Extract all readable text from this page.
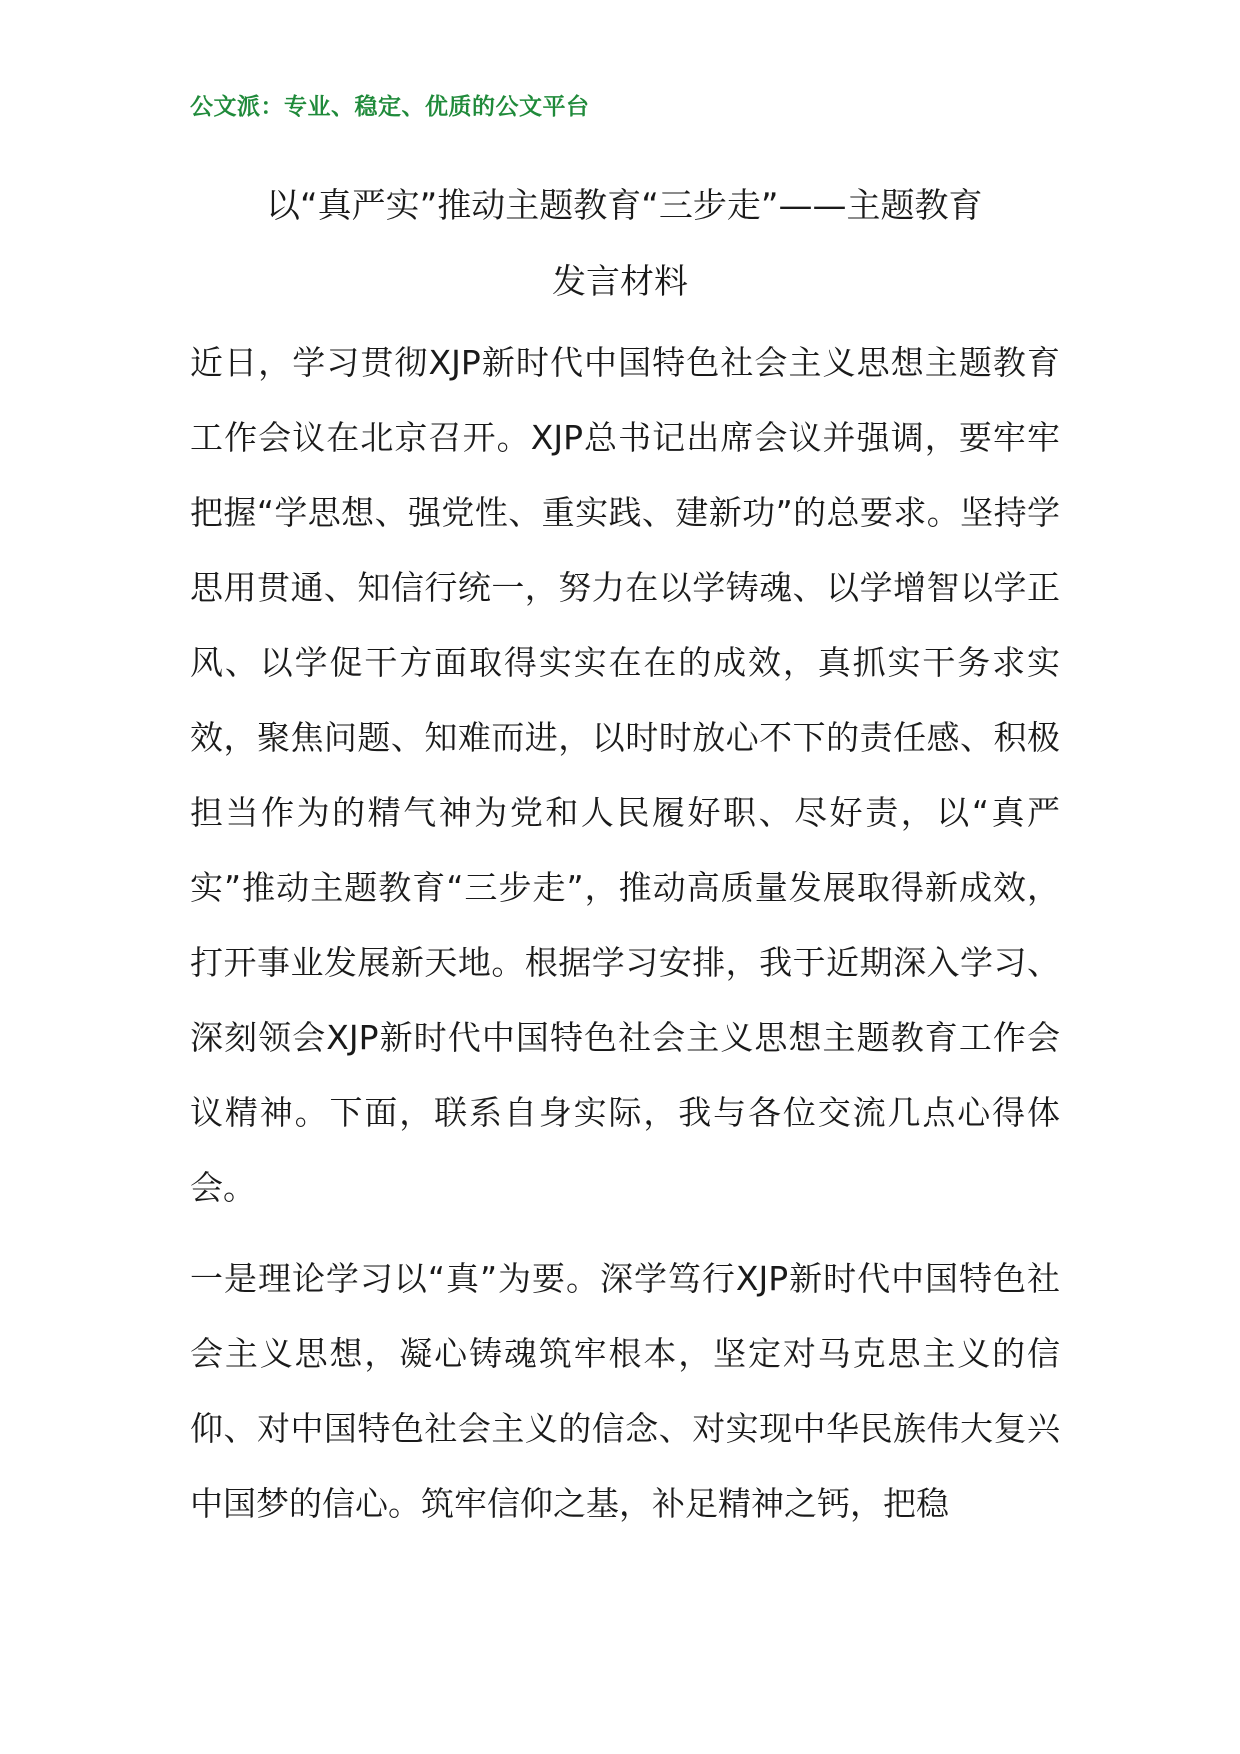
公文派：专业、稳定、优质的公文平台
以“真严实”推动主题教育“三步走”——主题教育
发言材料

近日，学习贯彻XJP新时代中国特色社会主义思想主题教育工作会议在北京召开。XJP总书记出席会议并强调，要牢牢把握“学思想、强党性、重实践、建新功”的总要求。坚持学思用贯通、知信行统一，努力在以学铸魂、以学增智以学正风、以学促干方面取得实实在在的成效，真抓实干务求实效，聚焦问题、知难而进，以时时放心不下的责任感、积极担当作为的精气神为党和人民履好职、尽好责，以“真严实”推动主题教育“三步走”，推动高质量发展取得新成效，打开事业发展新天地。根据学习安排，我于近期深入学习、深刻领会XJP新时代中国特色社会主义思想主题教育工作会议精神。下面，联系自身实际，我与各位交流几点心得体会。

一是理论学习以“真”为要。深学笃行XJP新时代中国特色社会主义思想，凝心铸魂筑牢根本，坚定对马克思主义的信仰、对中国特色社会主义的信念、对实现中华民族伟大复兴中国梦的信心。筑牢信仰之基，补足精神之钙，把稳
